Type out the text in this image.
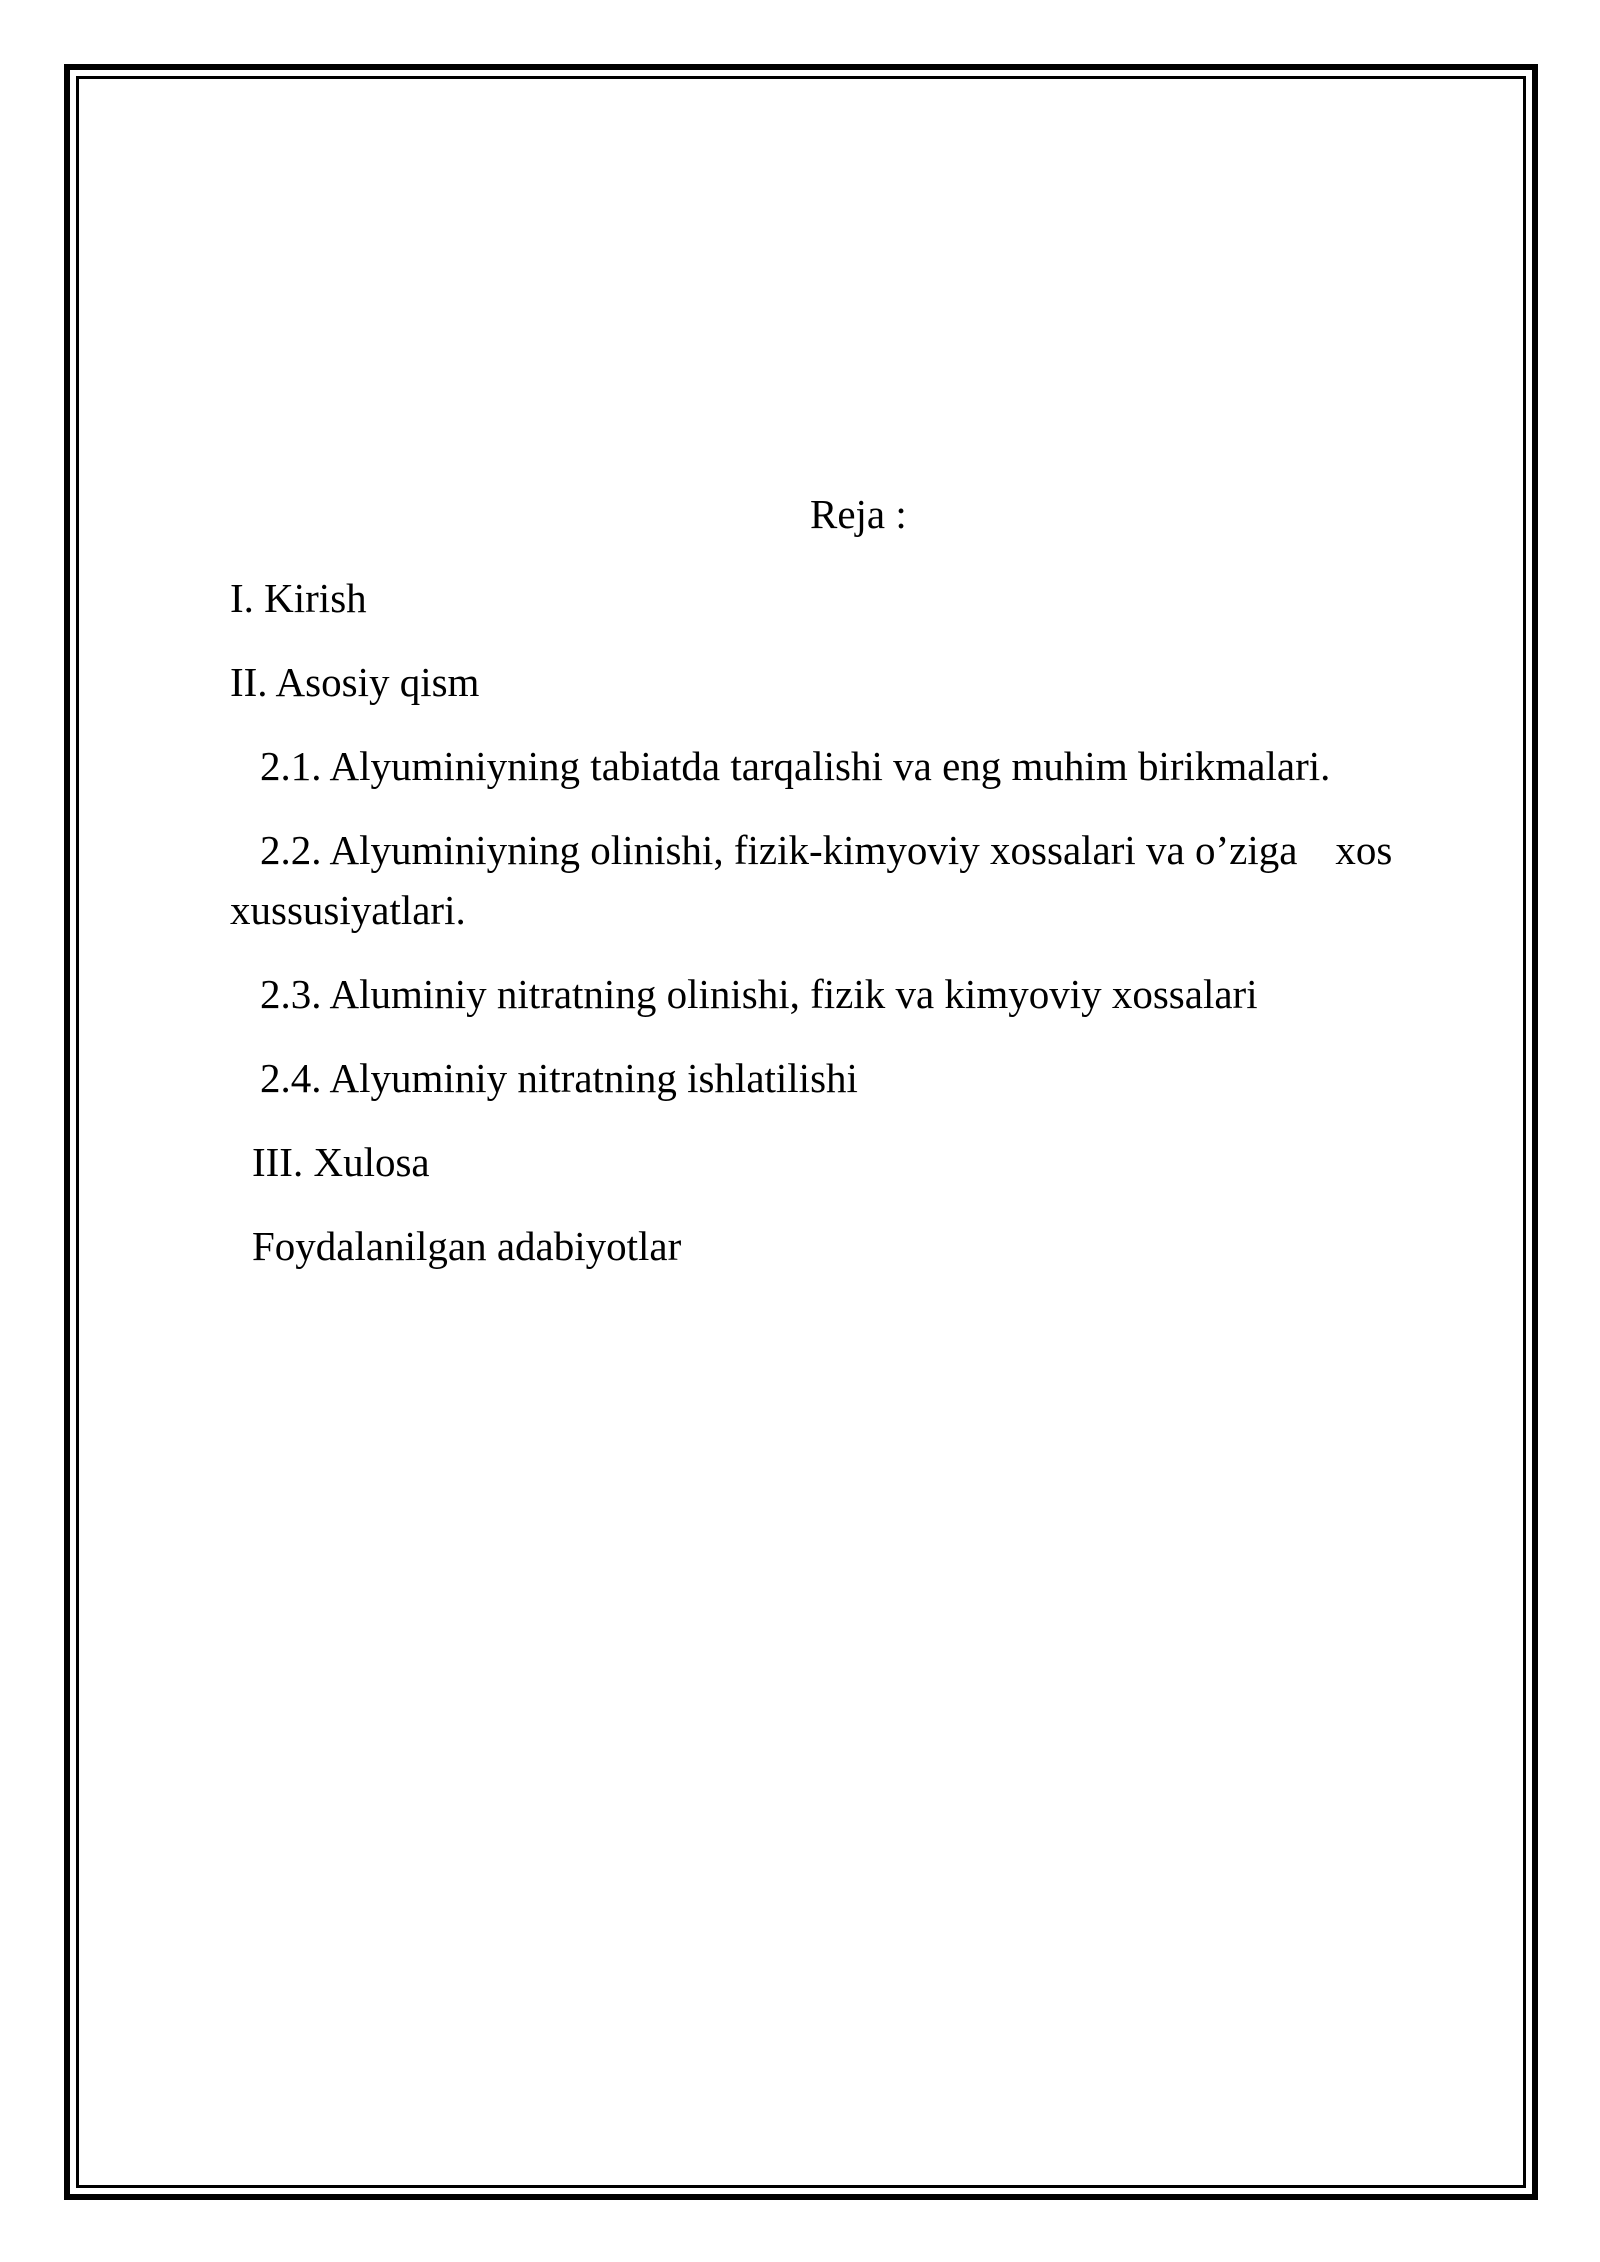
Reja :
I. Kirish
II. Asosiy qism
2.1. Alyuminiyning tabiatda tarqalishi va eng muhim birikmalari.
2.2. Alyuminiyning olinishi, fizik-kimyoviy xossalari va o’ziga xos
xussusiyatlari.
2.3. Aluminiy nitratning olinishi, fizik va kimyoviy xossalari
2.4. Alyuminiy nitratning ishlatilishi
III. Xulosa
Foydalanilgan adabiyotlar
